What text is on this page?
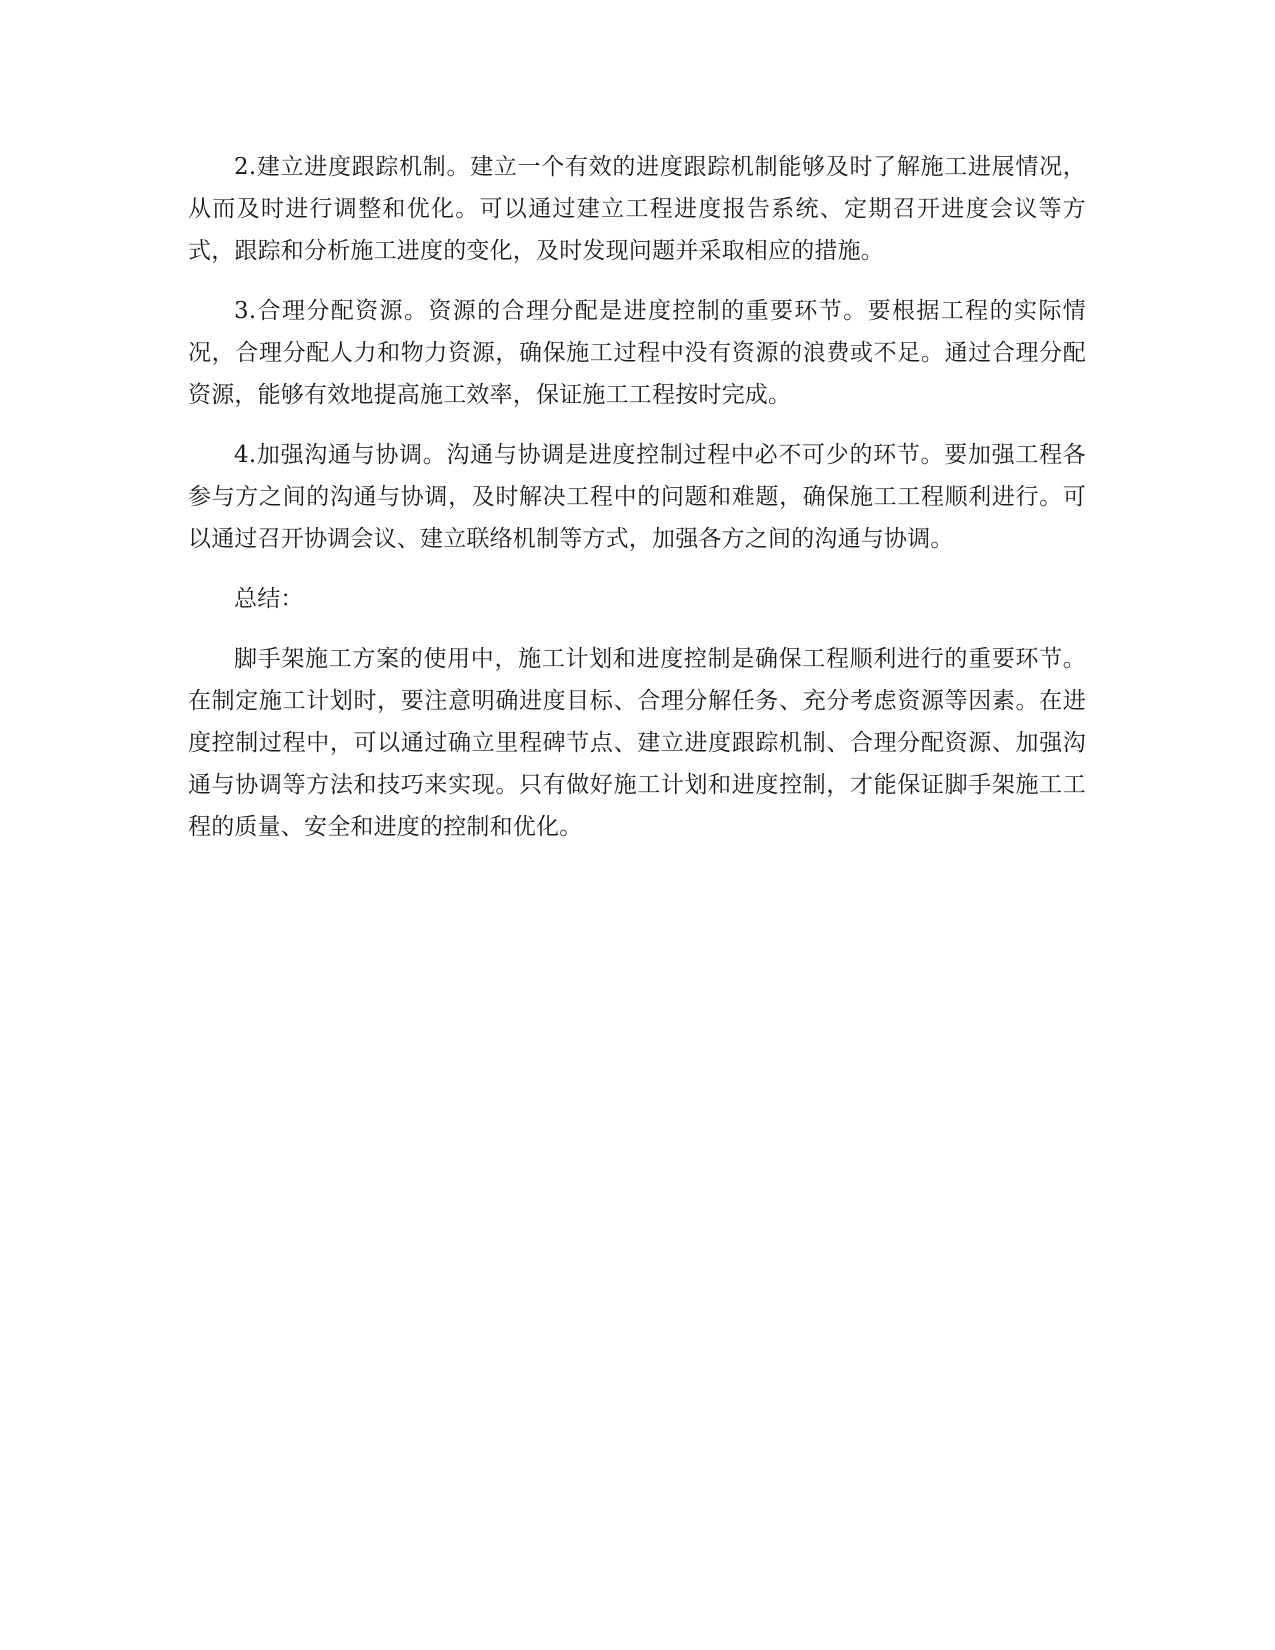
2.建立进度跟踪机制。建立一个有效的进度跟踪机制能够及时了解施工进展情况，从而及时进行调整和优化。可以通过建立工程进度报告系统、定期召开进度会议等方式，跟踪和分析施工进度的变化，及时发现问题并采取相应的措施。

3.合理分配资源。资源的合理分配是进度控制的重要环节。要根据工程的实际情况，合理分配人力和物力资源，确保施工过程中没有资源的浪费或不足。通过合理分配资源，能够有效地提高施工效率，保证施工工程按时完成。

4.加强沟通与协调。沟通与协调是进度控制过程中必不可少的环节。要加强工程各参与方之间的沟通与协调，及时解决工程中的问题和难题，确保施工工程顺利进行。可以通过召开协调会议、建立联络机制等方式，加强各方之间的沟通与协调。

总结：

脚手架施工方案的使用中，施工计划和进度控制是确保工程顺利进行的重要环节。在制定施工计划时，要注意明确进度目标、合理分解任务、充分考虑资源等因素。在进度控制过程中，可以通过确立里程碑节点、建立进度跟踪机制、合理分配资源、加强沟通与协调等方法和技巧来实现。只有做好施工计划和进度控制，才能保证脚手架施工工程的质量、安全和进度的控制和优化。
